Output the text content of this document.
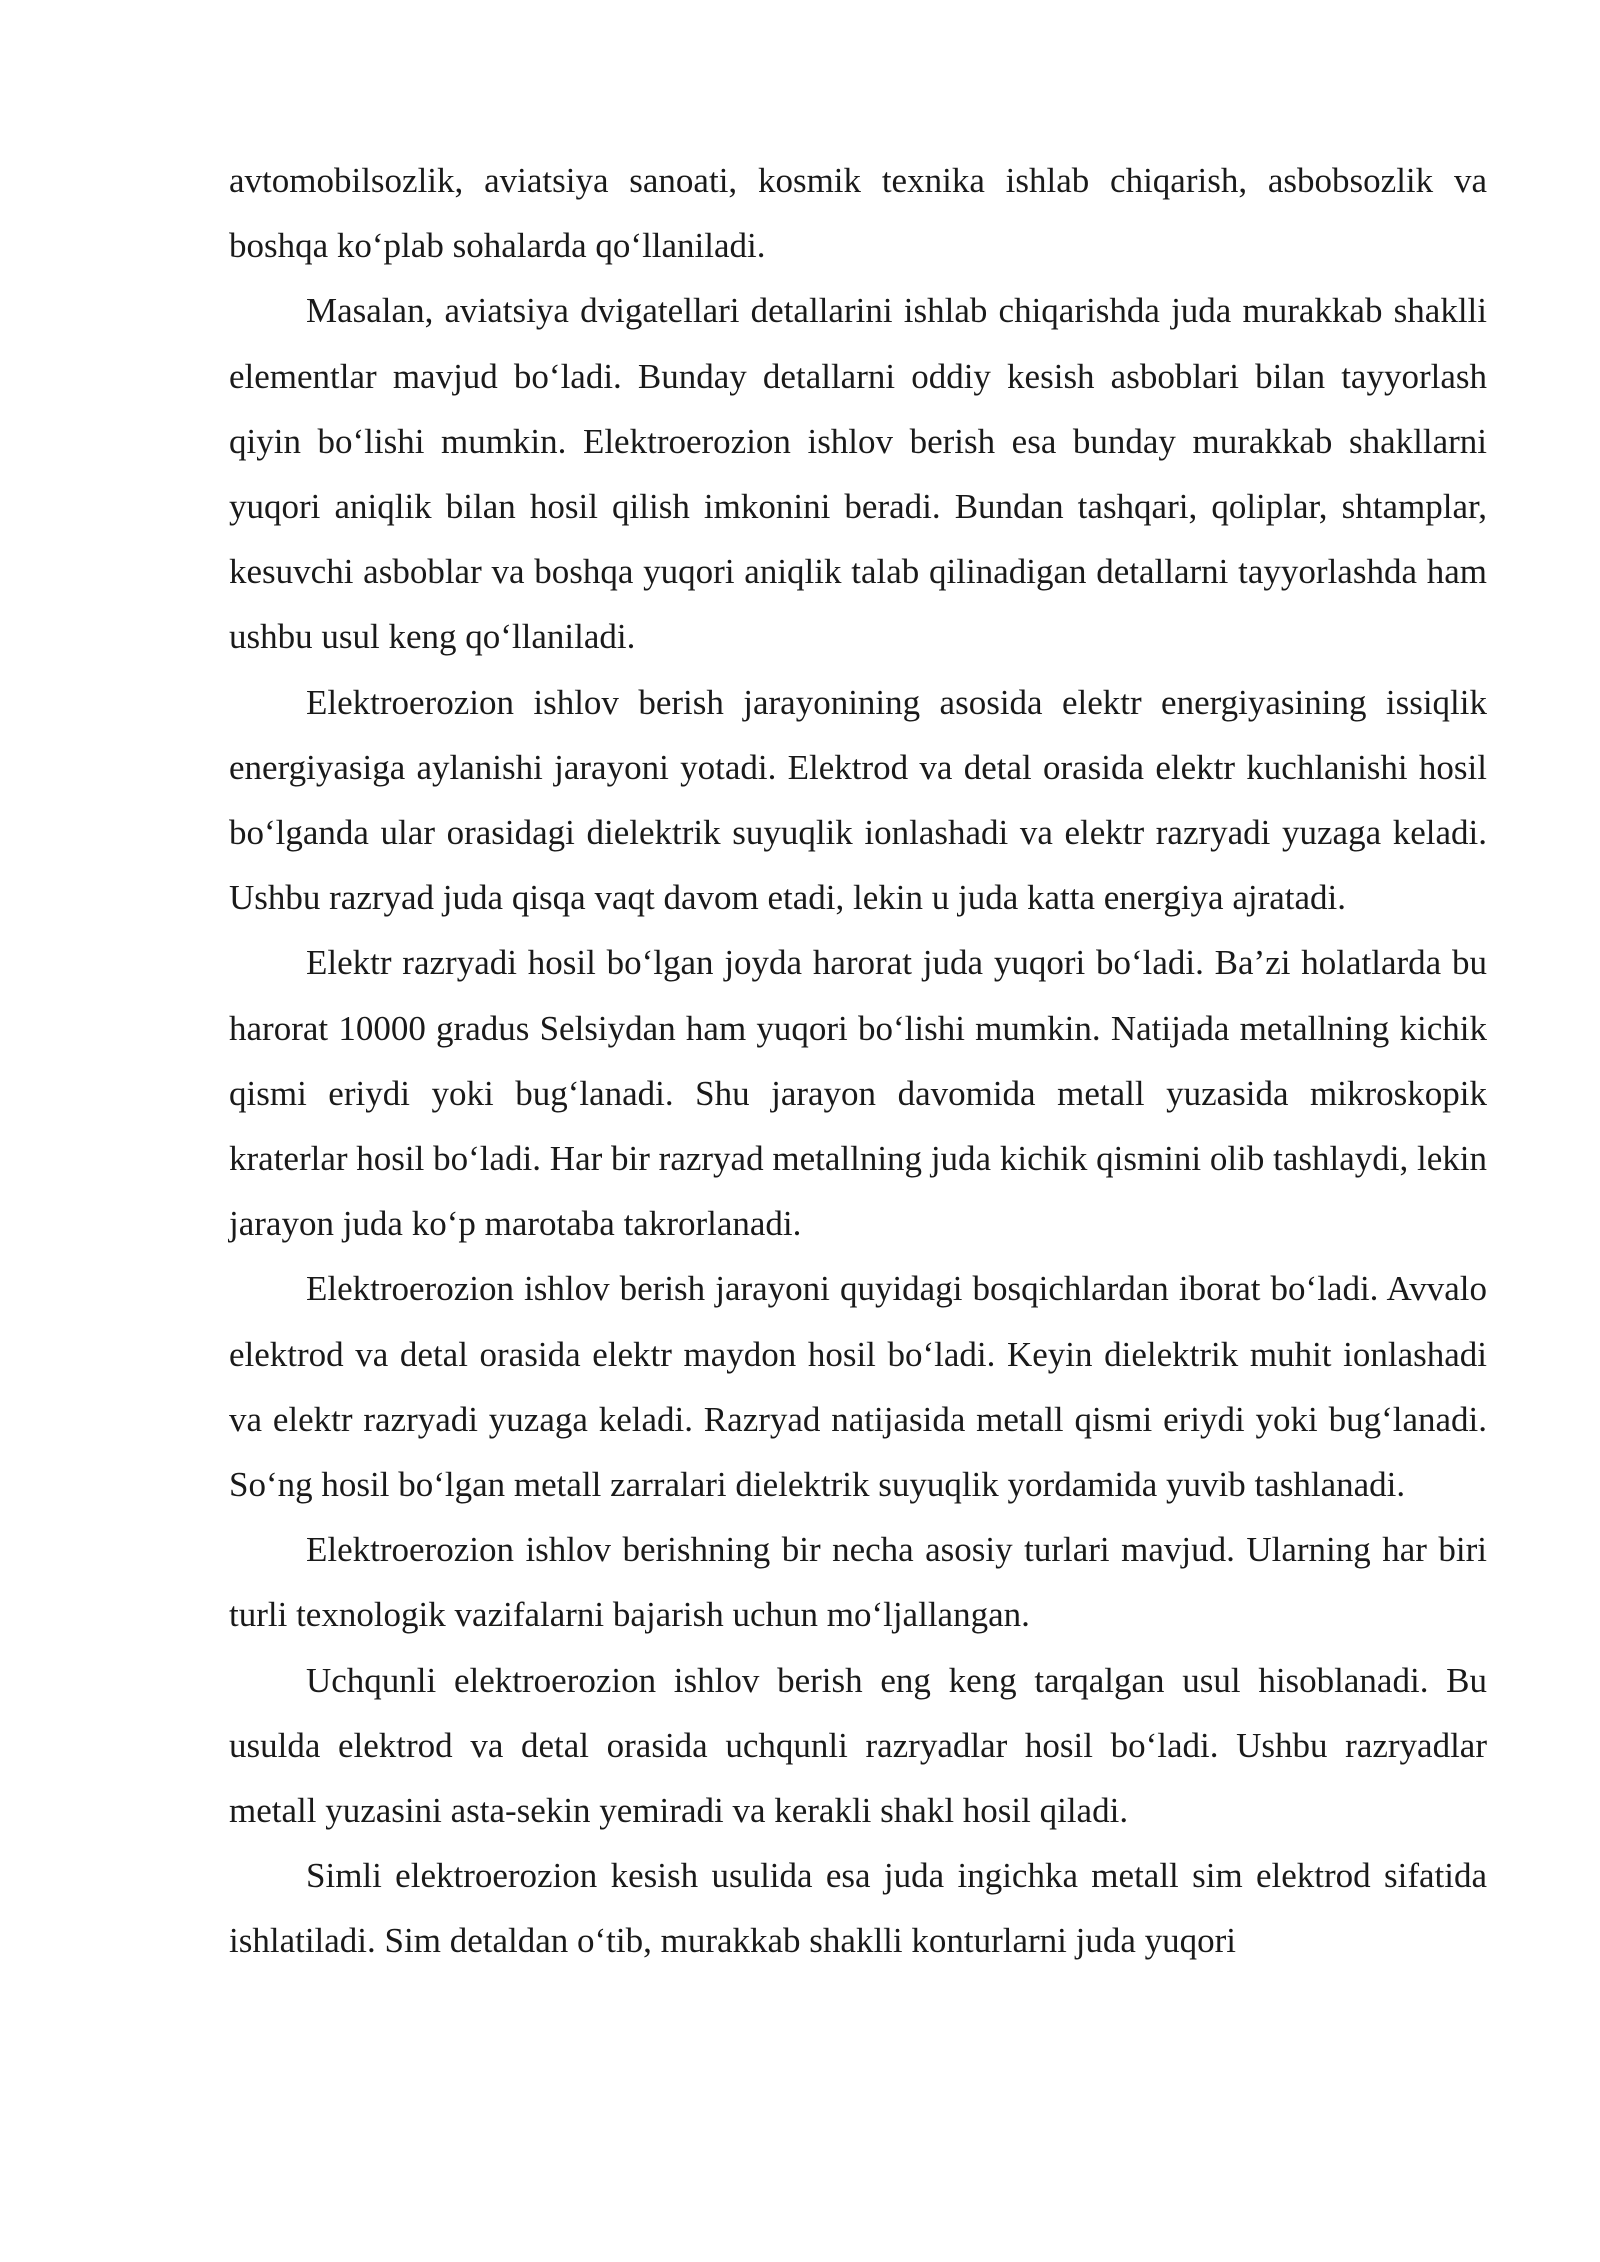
avtomobilsozlik, aviatsiya sanoati, kosmik texnika ishlab chiqarish, asbobsozlik va boshqa ko‘plab sohalarda qo‘llaniladi.

Masalan, aviatsiya dvigatellari detallarini ishlab chiqarishda juda murakkab shaklli elementlar mavjud bo‘ladi. Bunday detallarni oddiy kesish asboblari bilan tayyorlash qiyin bo‘lishi mumkin. Elektroerozion ishlov berish esa bunday murakkab shakllarni yuqori aniqlik bilan hosil qilish imkonini beradi. Bundan tashqari, qoliplar, shtamplar, kesuvchi asboblar va boshqa yuqori aniqlik talab qilinadigan detallarni tayyorlashda ham ushbu usul keng qo‘llaniladi.

Elektroerozion ishlov berish jarayonining asosida elektr energiyasining issiqlik energiyasiga aylanishi jarayoni yotadi. Elektrod va detal orasida elektr kuchlanishi hosil bo‘lganda ular orasidagi dielektrik suyuqlik ionlashadi va elektr razryadi yuzaga keladi. Ushbu razryad juda qisqa vaqt davom etadi, lekin u juda katta energiya ajratadi.

Elektr razryadi hosil bo‘lgan joyda harorat juda yuqori bo‘ladi. Ba’zi holatlarda bu harorat 10000 gradus Selsiydan ham yuqori bo‘lishi mumkin. Natijada metallning kichik qismi eriydi yoki bug‘lanadi. Shu jarayon davomida metall yuzasida mikroskopik kraterlar hosil bo‘ladi. Har bir razryad metallning juda kichik qismini olib tashlaydi, lekin jarayon juda ko‘p marotaba takrorlanadi.

Elektroerozion ishlov berish jarayoni quyidagi bosqichlardan iborat bo‘ladi. Avvalo elektrod va detal orasida elektr maydon hosil bo‘ladi. Keyin dielektrik muhit ionlashadi va elektr razryadi yuzaga keladi. Razryad natijasida metall qismi eriydi yoki bug‘lanadi. So‘ng hosil bo‘lgan metall zarralari dielektrik suyuqlik yordamida yuvib tashlanadi.

Elektroerozion ishlov berishning bir necha asosiy turlari mavjud. Ularning har biri turli texnologik vazifalarni bajarish uchun mo‘ljallangan.

Uchqunli elektroerozion ishlov berish eng keng tarqalgan usul hisoblanadi. Bu usulda elektrod va detal orasida uchqunli razryadlar hosil bo‘ladi. Ushbu razryadlar metall yuzasini asta-sekin yemiradi va kerakli shakl hosil qiladi.

Simli elektroerozion kesish usulida esa juda ingichka metall sim elektrod sifatida ishlatiladi. Sim detaldan o‘tib, murakkab shaklli konturlarni juda yuqori
